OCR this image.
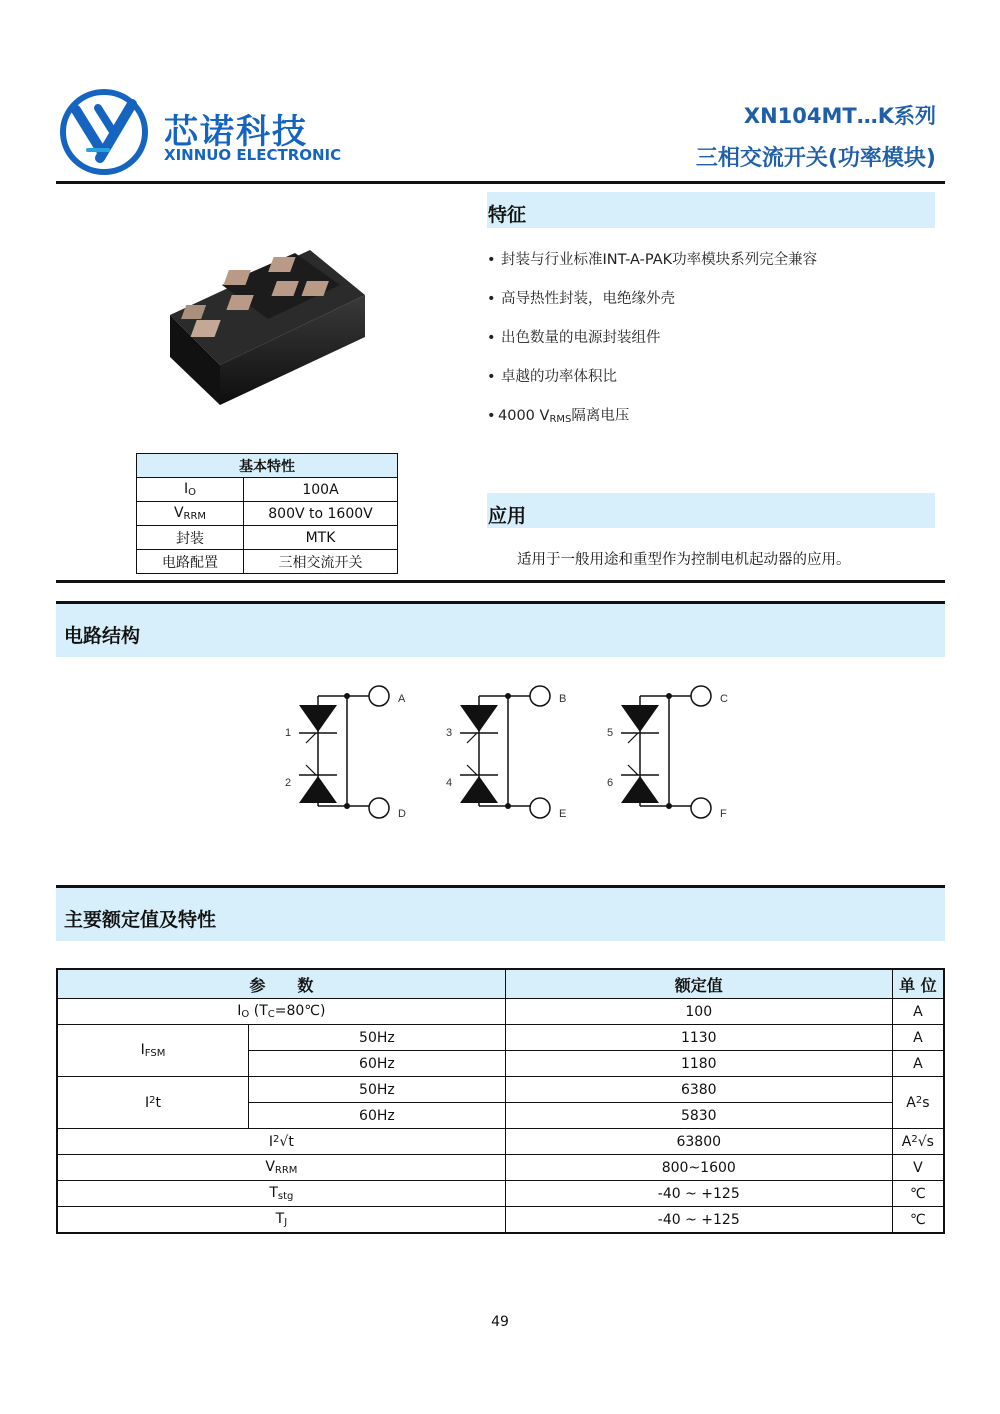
芯诺科技
XINNUO ELECTRONIC
XN104MT…K系列
三相交流开关(功率模块)
特征
• 封装与行业标准INT-A-PAK功率模块系列完全兼容
• 高导热性封装，电绝缘外壳
• 出色数量的电源封装组件
• 卓越的功率体积比
• 4000 $V_{RMS}$隔离电压
基本特性	
$I_O$	100A
$V_{RRM}$	800V to 1600V
封装	MTK
电路配置	三相交流开关
应用
适用于一般用途和重型作为控制电机起动器的应用。
电路结构
A
D
1
2
B
E
3
4
C
F
5
6
主要额定值及特性
参　　数		额定值	单 位
$I_O$ $(T_C=80℃)$		100	A
$I_{FSM}$	50Hz	1130	A
	60Hz	1180	A
$I^2t$	50Hz	6380	$A^2s$
	60Hz	5830	
$I^2√t$		63800	$A^2√s$
$V_{RRM}$		800~1600	V
$T_{stg}$		-40 ~ +125	℃
$T_J$		-40 ~ +125	℃
49
